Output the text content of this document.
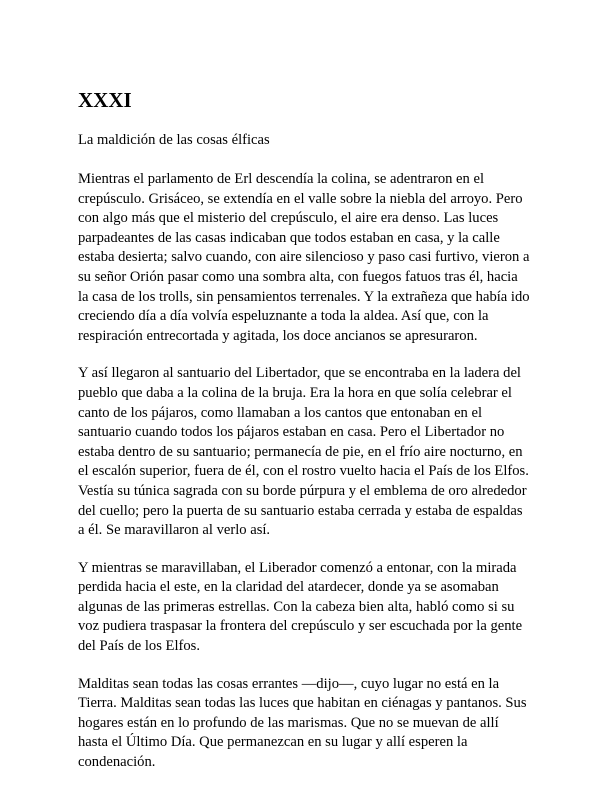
XXXI
La maldición de las cosas élficas

Mientras el parlamento de Erl descendía la colina, se adentraron en el crepúsculo. Grisáceo, se extendía en el valle sobre la niebla del arroyo. Pero con algo más que el misterio del crepúsculo, el aire era denso. Las luces parpadeantes de las casas indicaban que todos estaban en casa, y la calle estaba desierta; salvo cuando, con aire silencioso y paso casi furtivo, vieron a su señor Orión pasar como una sombra alta, con fuegos fatuos tras él, hacia la casa de los trolls, sin pensamientos terrenales. Y la extrañeza que había ido creciendo día a día volvía espeluznante a toda la aldea. Así que, con la respiración entrecortada y agitada, los doce ancianos se apresuraron.

Y así llegaron al santuario del Libertador, que se encontraba en la ladera del pueblo que daba a la colina de la bruja. Era la hora en que solía celebrar el canto de los pájaros, como llamaban a los cantos que entonaban en el santuario cuando todos los pájaros estaban en casa. Pero el Libertador no estaba dentro de su santuario; permanecía de pie, en el frío aire nocturno, en el escalón superior, fuera de él, con el rostro vuelto hacia el País de los Elfos. Vestía su túnica sagrada con su borde púrpura y el emblema de oro alrededor del cuello; pero la puerta de su santuario estaba cerrada y estaba de espaldas a él. Se maravillaron al verlo así.

Y mientras se maravillaban, el Liberador comenzó a entonar, con la mirada perdida hacia el este, en la claridad del atardecer, donde ya se asomaban algunas de las primeras estrellas. Con la cabeza bien alta, habló como si su voz pudiera traspasar la frontera del crepúsculo y ser escuchada por la gente del País de los Elfos.

Malditas sean todas las cosas errantes —dijo—, cuyo lugar no está en la Tierra. Malditas sean todas las luces que habitan en ciénagas y pantanos. Sus hogares están en lo profundo de las marismas. Que no se muevan de allí hasta el Último Día. Que permanezcan en su lugar y allí esperen la condenación.
